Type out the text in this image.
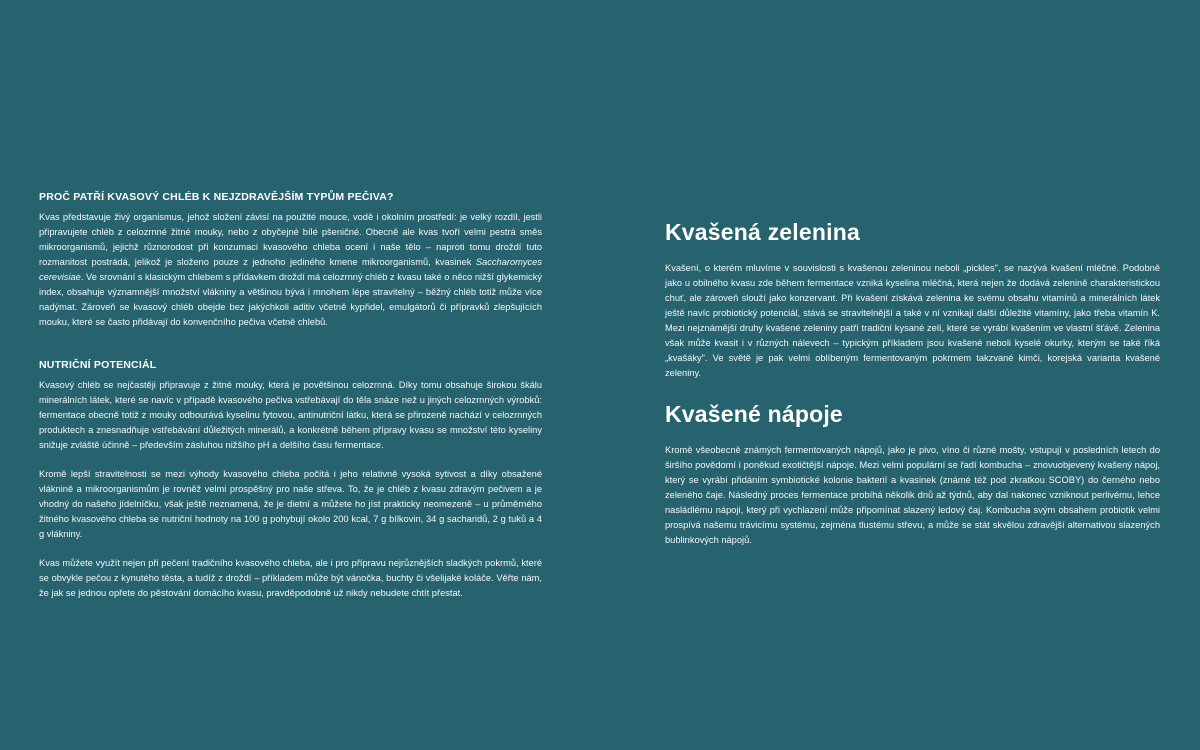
PROČ PATŘÍ KVASOVÝ CHLÉB K NEJZDRAVĚJŠÍM TYPŮM PEČIVA?

Kvas představuje živý organismus, jehož složení závisí na použité mouce, vodě i okolním prostředí: je velký rozdíl, jestli připravujete chléb z celozrnné žitné mouky, nebo z obyčejné bílé pšeničné. Obecně ale kvas tvoří velmi pestrá směs mikroorganismů, jejichž různorodost při konzumaci kvasového chleba ocení i naše tělo – naproti tomu droždí tuto rozmanitost postrádá, jelikož je složeno pouze z jednoho jediného kmene mikroorganismů, kvasinek Saccharomyces cerevisiae. Ve srovnání s klasickým chlebem s přídavkem droždí má celozrnný chléb z kvasu také o něco nižší glykemický index, obsahuje významnější množství vlákniny a většinou bývá i mnohem lépe stravitelný – běžný chléb totiž může více nadýmat. Zároveň se kvasový chléb obejde bez jakýchkoli aditiv včetně kypřidel, emulgátorů či přípravků zlepšujících mouku, které se často přidávají do konvenčního pečiva včetně chlebů.

NUTRIČNÍ POTENCIÁL

Kvasový chléb se nejčastěji připravuje z žitné mouky, která je povětšinou celozrnná. Díky tomu obsahuje širokou škálu minerálních látek, které se navíc v případě kvasového pečiva vstřebávají do těla snáze než u jiných celozrnných výrobků: fermentace obecně totiž z mouky odbourává kyselinu fytovou, antinutriční látku, která se přirozeně nachází v celozrnných produktech a znesnadňuje vstřebávání důležitých minerálů, a konkrétně během přípravy kvasu se množství této kyseliny snižuje zvláště účinně – především zásluhou nižšího pH a delšího času fermentace.

Kromě lepší stravitelnosti se mezi výhody kvasového chleba počítá i jeho relativně vysoká sytivost a díky obsažené vláknině a mikroorganismům je rovněž velmi prospěšný pro naše střeva. To, že je chléb z kvasu zdravým pečivem a je vhodný do našeho jídelníčku, však ještě neznamená, že je dietní a můžete ho jíst prakticky neomezeně – u průměrného žitného kvasového chleba se nutriční hodnoty na 100 g pohybují okolo 200 kcal, 7 g bílkovin, 34 g sacharidů, 2 g tuků a 4 g vlákniny.

Kvas můžete využít nejen při pečení tradičního kvasového chleba, ale i pro přípravu nejrůznějších sladkých pokrmů, které se obvykle pečou z kynutého těsta, a tudíž z droždí – příkladem může být vánočka, buchty či všelijaké koláče. Věřte nám, že jak se jednou opřete do pěstování domácího kvasu, pravděpodobně už nikdy nebudete chtít přestat.

Kvašená zelenina

Kvašení, o kterém mluvíme v souvislosti s kvašenou zeleninou neboli „pickles", se nazývá kvašení mléčné. Podobně jako u obilného kvasu zde během fermentace vzniká kyselina mléčná, která nejen že dodává zelenině charakteristickou chuť, ale zároveň slouží jako konzervant. Při kvašení získává zelenina ke svému obsahu vitamínů a minerálních látek ještě navíc probiotický potenciál, stává se stravitelnější a také v ní vznikají další důležité vitamíny, jako třeba vitamín K. Mezi nejznámější druhy kvašené zeleniny patří tradiční kysané zelí, které se vyrábí kvašením ve vlastní šťávě. Zelenina však může kvasit i v různých nálevech – typickým příkladem jsou kvašené neboli kyselé okurky, kterým se také říká „kvašáky". Ve světě je pak velmi oblíbeným fermentovaným pokrmem takzvané kimči, korejská varianta kvašené zeleniny.

Kvašené nápoje

Kromě všeobecně známých fermentovaných nápojů, jako je pivo, víno či různé mošty, vstupují v posledních letech do širšího povědomí i poněkud exotičtější nápoje. Mezi velmi populární se řadí kombucha – znovuobjevený kvašený nápoj, který se vyrábí přidáním symbiotické kolonie bakterií a kvasinek (známé též pod zkratkou SCOBY) do černého nebo zeleného čaje. Následný proces fermentace probíhá několik dnů až týdnů, aby dal nakonec vzniknout perlivému, lehce nasládlému nápoji, který při vychlazení může připomínat slazený ledový čaj. Kombucha svým obsahem probiotik velmi prospívá našemu trávicímu systému, zejména tlustému střevu, a může se stát skvělou zdravější alternativou slazených bublinkových nápojů.
